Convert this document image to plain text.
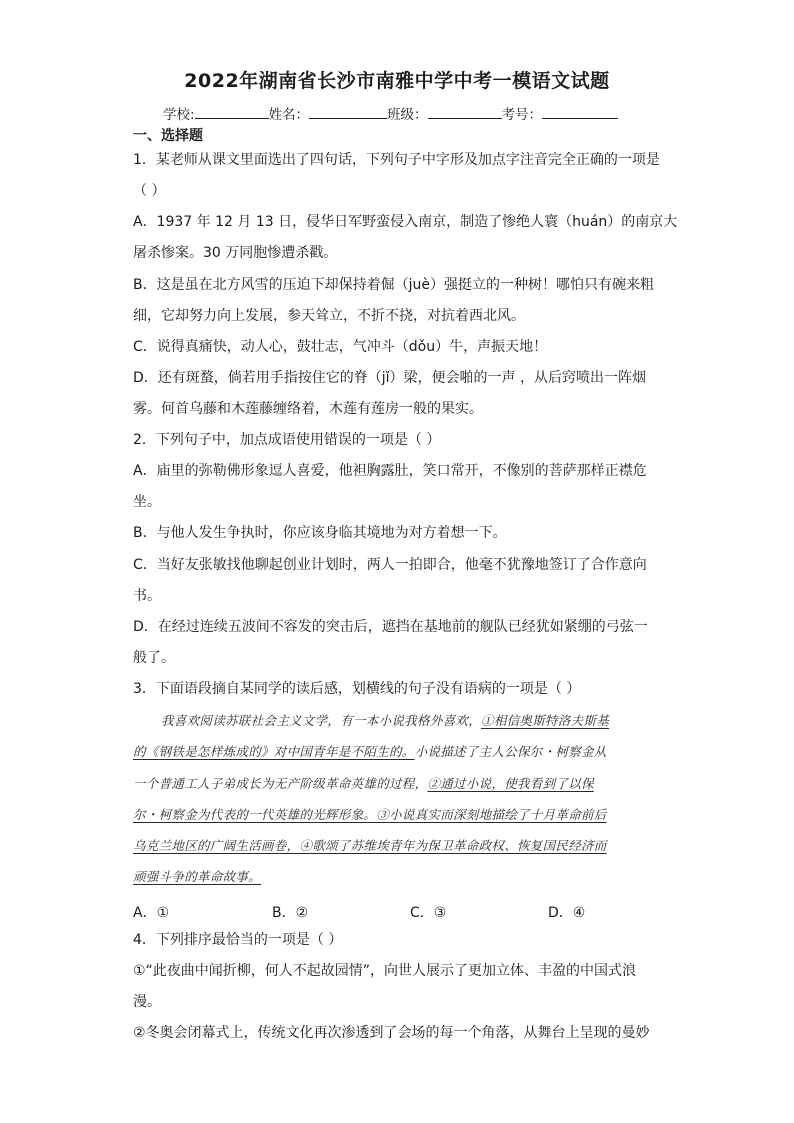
2022年湖南省长沙市南雅中学中考一模语文试题
学校:	姓名：	班级：	考号：
一、选择题
1．某老师从课文里面选出了四句话，下列句子中字形及加点字注音完全正确的一项是
（ ）
A．1937 年 12 月 13 日，侵华日军野蛮侵入南京，制造了惨绝人寰（huán）的南京大
屠杀惨案。30 万同胞惨遭杀戳。
B．这是虽在北方风雪的压迫下却保持着倔（juè）强挺立的一种树！哪怕只有碗来粗
细，它却努力向上发展，参天耸立，不折不挠，对抗着西北风。
C．说得真痛快，动人心，鼓壮志，气冲斗（dǒu）牛，声振天地！
D．还有斑蝥，倘若用手指按住它的脊（jǐ）梁，便会啪的一声 ，从后窍喷出一阵烟
雾。何首乌藤和木莲藤缠络着，木莲有莲房一般的果实。
2．下列句子中，加点成语使用错误的一项是（ ）
A．庙里的弥勒佛形象逗人喜爱，他袒胸露肚，笑口常开，不像别的菩萨那样正襟危
坐。
B．与他人发生争执时，你应该身临其境地为对方着想一下。
C．当好友张敏找他聊起创业计划时，两人一拍即合，他毫不犹豫地签订了合作意向
书。
D．在经过连续五波间不容发的突击后，遮挡在基地前的舰队已经犹如紧绷的弓弦一
般了。
3．下面语段摘自某同学的读后感，划横线的句子没有语病的一项是（ ）
我喜欢阅读苏联社会主义文学，有一本小说我格外喜欢，①相信奥斯特洛夫斯基
的《钢铁是怎样炼成的》对中国青年是不陌生的。小说描述了主人公保尔・柯察金从
一个普通工人子弟成长为无产阶级革命英雄的过程，②通过小说，使我看到了以保
尔・柯察金为代表的一代英雄的光辉形象。③小说真实而深刻地描绘了十月革命前后
乌克兰地区的广阔生活画卷，④歌颂了苏维埃青年为保卫革命政权、恢复国民经济而
顽强斗争的革命故事。
A．①	B．②	C．③	D．④
4．下列排序最恰当的一项是（ ）
①“此夜曲中闻折柳，何人不起故园情”，向世人展示了更加立体、丰盈的中国式浪
漫。
②冬奥会闭幕式上，传统文化再次渗透到了会场的每一个角落，从舞台上呈现的曼妙
